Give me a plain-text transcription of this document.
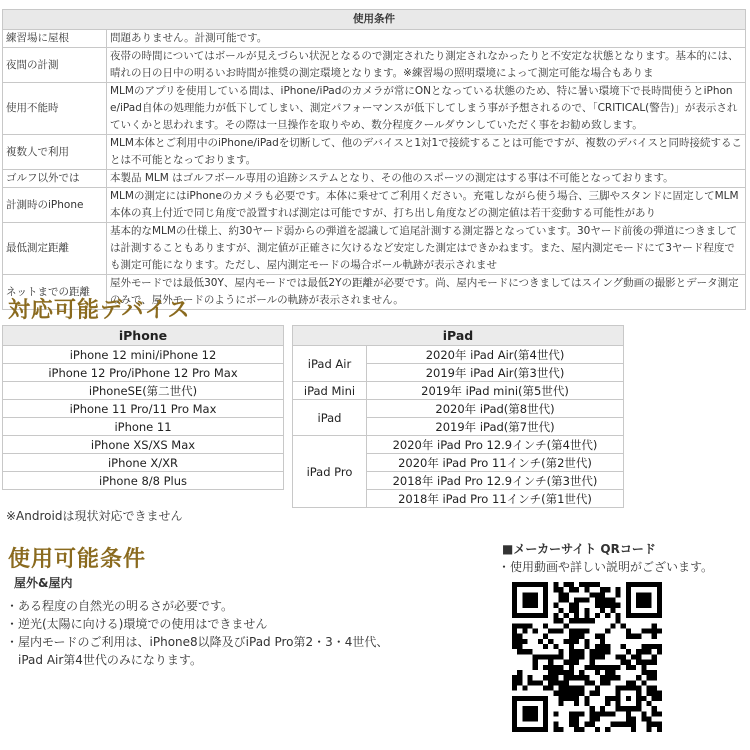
使用条件	
練習場に屋根	問題ありません。計測可能です。
夜間の計測	夜帯の時間についてはボールが見えづらい状況となるので測定されたり測定されなかったりと不安定な状態となります。基本的には、晴れの日の日中の明るいお時間が推奨の測定環境となります。※練習場の照明環境によって測定可能な場合もありま
使用不能時	MLMのアプリを使用している間は、iPhone/iPadのカメラが常にONとなっている状態のため、特に暑い環境下で長時間使うとiPhone/iPad自体の処理能力が低下してしまい、測定パフォーマンスが低下してしまう事が予想されるので、「CRITICAL(警告)」が表示されていくかと思われます。その際は一旦操作を取りやめ、数分程度クールダウンしていただく事をお勧め致します。
複数人で利用	MLM本体とご利用中のiPhone/iPadを切断して、他のデバイスと1対1で接続することは可能ですが、複数のデバイスと同時接続することは不可能となっております。
ゴルフ以外では	本製品 MLM はゴルフボール専用の追跡システムとなり、その他のスポーツの測定はする事は不可能となっております。
計測時のiPhone	MLMの測定にはiPhoneのカメラも必要です。本体に乗せてご利用ください。充電しながら使う場合、三脚やスタンドに固定してMLM本体の真上付近で同じ角度で設置すれば測定は可能ですが、打ち出し角度などの測定値は若干変動する可能性があり
最低測定距離	基本的なMLMの仕様上、約30ヤード弱からの弾道を認識して追尾計測する測定器となっています。30ヤード前後の弾道につきましては計測することもありますが、測定値が正確さに欠けるなど安定した測定はできかねます。また、屋内測定モードにて3ヤード程度でも測定可能になります。ただし、屋内測定モードの場合ボール軌跡が表示されませ
ネットまでの距離	屋外モードでは最低30Y、屋内モードでは最低2Yの距離が必要です。尚、屋内モードにつきましてはスイング動画の撮影とデータ測定のみで、屋外モードのようにボールの軌跡が表示されません。
対応可能デバイス
iPhone
iPhone 12 mini/iPhone 12
iPhone 12 Pro/iPhone 12 Pro Max
iPhoneSE(第二世代)
iPhone 11 Pro/11 Pro Max
iPhone 11
iPhone XS/XS Max
iPhone X/XR
iPhone 8/8 Plus
iPad	
iPad Air	2020年 iPad Air(第4世代)
	2019年 iPad Air(第3世代)
iPad Mini	2019年 iPad mini(第5世代)
iPad	2020年 iPad(第8世代)
	2019年 iPad(第7世代)
iPad Pro	2020年 iPad Pro 12.9インチ(第4世代)
	2020年 iPad Pro 11インチ(第2世代)
	2018年 iPad Pro 12.9インチ(第3世代)
	2018年 iPad Pro 11インチ(第1世代)

※Androidは現状対応できません

使用可能条件

屋外&屋内

・ある程度の自然光の明るさが必要です。

・逆光(太陽に向ける)環境での使用はできません

・屋内モードのご利用は、iPhone8以降及びiPad Pro第2・3・4世代、

　iPad Air第4世代のみになります。

■メーカーサイト QRコード

・使用動画や詳しい説明がございます。
